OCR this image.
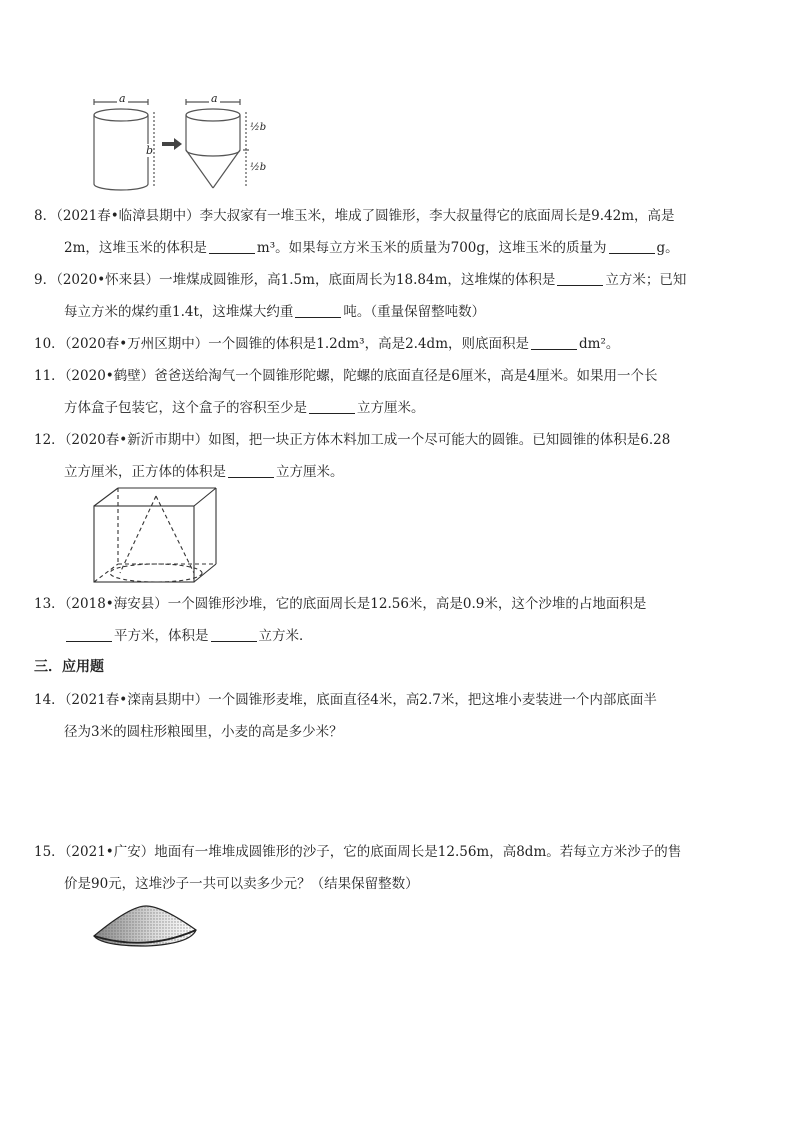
a	a
b
½b
½b
8．（2021春•临漳县期中）李大叔家有一堆玉米，堆成了圆锥形，李大叔量得它的底面周长是9.42m，高是
2m，这堆玉米的体积是	m³。如果每立方米玉米的质量为700g，这堆玉米的质量为	g。
9．（2020•怀来县）一堆煤成圆锥形，高1.5m，底面周长为18.84m，这堆煤的体积是	立方米；已知
每立方米的煤约重1.4t，这堆煤大约重	吨。（重量保留整吨数）
10．（2020春•万州区期中）一个圆锥的体积是1.2dm³，高是2.4dm，则底面积是	dm²。
11．（2020•鹤壁）爸爸送给淘气一个圆锥形陀螺，陀螺的底面直径是6厘米，高是4厘米。如果用一个长
方体盒子包装它，这个盒子的容积至少是	立方厘米。
12．（2020春•新沂市期中）如图，把一块正方体木料加工成一个尽可能大的圆锥。已知圆锥的体积是6.28
立方厘米，正方体的体积是	立方厘米。
13．（2018•海安县）一个圆锥形沙堆，它的底面周长是12.56米，高是0.9米，这个沙堆的占地面积是
平方米，体积是	立方米．
三．应用题
14．（2021春•滦南县期中）一个圆锥形麦堆，底面直径4米，高2.7米，把这堆小麦装进一个内部底面半
径为3米的圆柱形粮囤里，小麦的高是多少米？
15．（2021•广安）地面有一堆堆成圆锥形的沙子，它的底面周长是12.56m，高8dm。若每立方米沙子的售
价是90元，这堆沙子一共可以卖多少元？（结果保留整数）
